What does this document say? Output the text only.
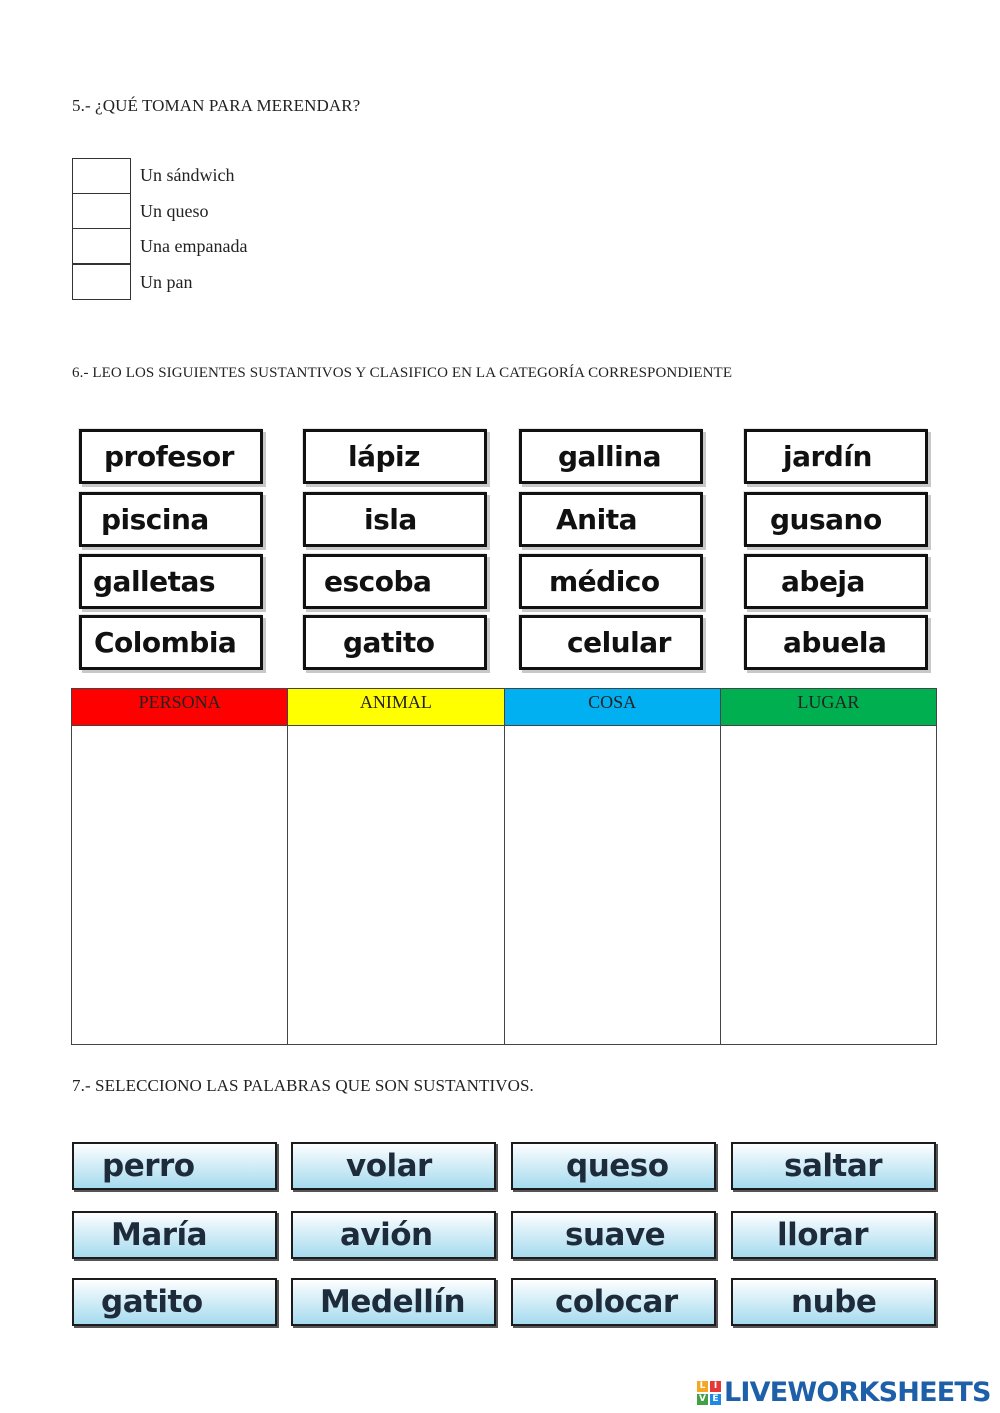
5.- ¿QUÉ TOMAN PARA MERENDAR?
Un sándwich
Un queso
Una empanada
Un pan
6.- LEO LOS SIGUIENTES SUSTANTIVOS Y CLASIFICO EN LA CATEGORÍA CORRESPONDIENTE
profesor	lápiz	gallina	jardín
piscina	isla	Anita	gusano
galletas	escoba	médico	abeja
Colombia	gatito	celular	abuela
PERSONA	ANIMAL	COSA	LUGAR
7.- SELECCIONO LAS PALABRAS QUE SON SUSTANTIVOS.
perro	volar	queso	saltar
María	avión	suave	llorar
gatito	Medellín	colocar	nube
L I
V E LIVEWORKSHEETS
